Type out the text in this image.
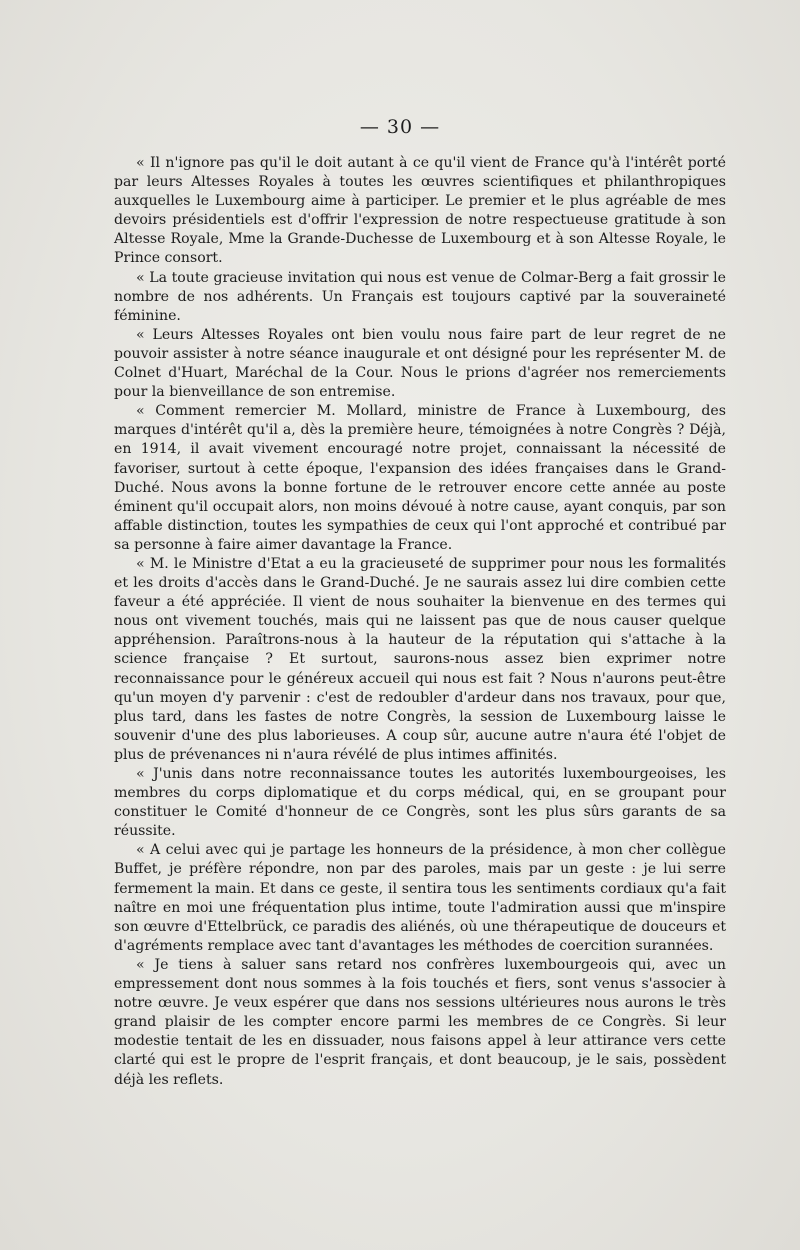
— 30 —

« Il n'ignore pas qu'il le doit autant à ce qu'il vient de France qu'à l'intérêt porté par leurs Altesses Royales à toutes les œuvres scientifiques et philanthropiques auxquelles le Luxembourg aime à participer. Le premier et le plus agréable de mes devoirs présidentiels est d'offrir l'expression de notre respectueuse gratitude à son Altesse Royale, Mme la Grande-Duchesse de Luxembourg et à son Altesse Royale, le Prince consort.

« La toute gracieuse invitation qui nous est venue de Colmar-Berg a fait grossir le nombre de nos adhérents. Un Français est toujours captivé par la souveraineté féminine.

« Leurs Altesses Royales ont bien voulu nous faire part de leur regret de ne pouvoir assister à notre séance inaugurale et ont désigné pour les représenter M. de Colnet d'Huart, Maréchal de la Cour. Nous le prions d'agréer nos remerciements pour la bienveillance de son entremise.

« Comment remercier M. Mollard, ministre de France à Luxembourg, des marques d'intérêt qu'il a, dès la première heure, témoignées à notre Congrès ? Déjà, en 1914, il avait vivement encouragé notre projet, connaissant la nécessité de favoriser, surtout à cette époque, l'expansion des idées françaises dans le Grand-Duché. Nous avons la bonne fortune de le retrouver encore cette année au poste éminent qu'il occupait alors, non moins dévoué à notre cause, ayant conquis, par son affable distinction, toutes les sympathies de ceux qui l'ont approché et contribué par sa personne à faire aimer davantage la France.

« M. le Ministre d'Etat a eu la gracieuseté de supprimer pour nous les formalités et les droits d'accès dans le Grand-Duché. Je ne saurais assez lui dire combien cette faveur a été appréciée. Il vient de nous souhaiter la bienvenue en des termes qui nous ont vivement touchés, mais qui ne laissent pas que de nous causer quelque appréhension. Paraîtrons-nous à la hauteur de la réputation qui s'attache à la science française ? Et surtout, saurons-nous assez bien exprimer notre reconnaissance pour le généreux accueil qui nous est fait ? Nous n'aurons peut-être qu'un moyen d'y parvenir : c'est de redoubler d'ardeur dans nos travaux, pour que, plus tard, dans les fastes de notre Congrès, la session de Luxembourg laisse le souvenir d'une des plus laborieuses. A coup sûr, aucune autre n'aura été l'objet de plus de prévenances ni n'aura révélé de plus intimes affinités.

« J'unis dans notre reconnaissance toutes les autorités luxembourgeoises, les membres du corps diplomatique et du corps médical, qui, en se groupant pour constituer le Comité d'honneur de ce Congrès, sont les plus sûrs garants de sa réussite.

« A celui avec qui je partage les honneurs de la présidence, à mon cher collègue Buffet, je préfère répondre, non par des paroles, mais par un geste : je lui serre fermement la main. Et dans ce geste, il sentira tous les sentiments cordiaux qu'a fait naître en moi une fréquentation plus intime, toute l'admiration aussi que m'inspire son œuvre d'Ettelbrück, ce paradis des aliénés, où une thérapeutique de douceurs et d'agréments remplace avec tant d'avantages les méthodes de coercition surannées.

« Je tiens à saluer sans retard nos confrères luxembourgeois qui, avec un empressement dont nous sommes à la fois touchés et fiers, sont venus s'associer à notre œuvre. Je veux espérer que dans nos sessions ultérieures nous aurons le très grand plaisir de les compter encore parmi les membres de ce Congrès. Si leur modestie tentait de les en dissuader, nous faisons appel à leur attirance vers cette clarté qui est le propre de l'esprit français, et dont beaucoup, je le sais, possèdent déjà les reflets.
